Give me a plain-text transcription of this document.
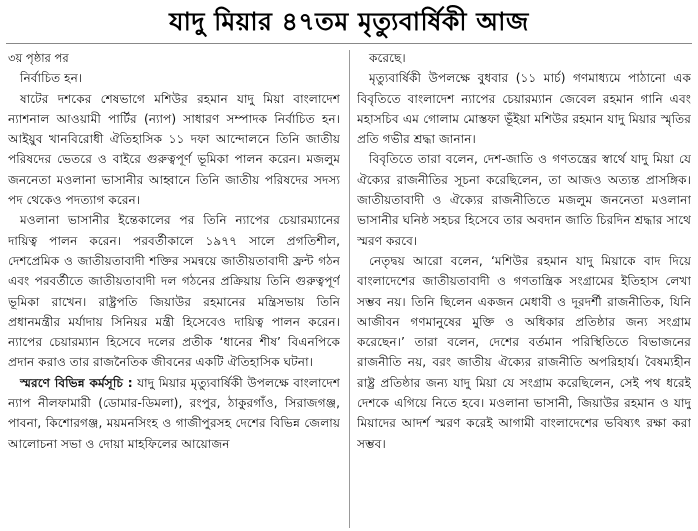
যাদু মিয়ার ৪৭তম মৃত্যুবার্ষিকী আজ

৩য় পৃষ্ঠার পর

নির্বাচিত হন।

ষাটের দশকের শেষভাগে মশিউর রহমান যাদু মিয়া বাংলাদেশ ন্যাশনাল আওয়ামী পার্টির (ন্যাপ) সাধারণ সম্পাদক নির্বাচিত হন। আইয়ুব খানবিরোধী ঐতিহাসিক ১১ দফা আন্দোলনে তিনি জাতীয় পরিষদের ভেতরে ও বাইরে গুরুত্বপূর্ণ ভূমিকা পালন করেন। মজলুম জননেতা মওলানা ভাসানীর আহ্বানে তিনি জাতীয় পরিষদের সদস্য পদ থেকেও পদত্যাগ করেন।

মওলানা ভাসানীর ইন্তেকালের পর তিনি ন্যাপের চেয়ারম্যানের দায়িত্ব পালন করেন। পরবর্তীকালে ১৯৭৭ সালে প্রগতিশীল, দেশপ্রেমিক ও জাতীয়তাবাদী শক্তির সমন্বয়ে জাতীয়তাবাদী ফ্রন্ট গঠন এবং পরবর্তীতে জাতীয়তাবাদী দল গঠনের প্রক্রিয়ায় তিনি গুরুত্বপূর্ণ ভূমিকা রাখেন। রাষ্ট্রপতি জিয়াউর রহমানের মন্ত্রিসভায় তিনি প্রধানমন্ত্রীর মর্যাদায় সিনিয়র মন্ত্রী হিসেবেও দায়িত্ব পালন করেন। ন্যাপের চেয়ারম্যান হিসেবে দলের প্রতীক ‘ধানের শীষ’ বিএনপিকে প্রদান করাও তার রাজনৈতিক জীবনের একটি ঐতিহাসিক ঘটনা।

স্মরণে বিভিন্ন কর্মসূচি : যাদু মিয়ার মৃত্যুবার্ষিকী উপলক্ষে বাংলাদেশ ন্যাপ নীলফামারী (ডোমার-ডিমলা), রংপুর, ঠাকুরগাঁও, সিরাজগঞ্জ, পাবনা, কিশোরগঞ্জ, ময়মনসিংহ ও গাজীপুরসহ দেশের বিভিন্ন জেলায় আলোচনা সভা ও দোয়া মাহফিলের আয়োজন

করেছে।

মৃত্যুবার্ষিকী উপলক্ষে বুধবার (১১ মার্চ) গণমাধ্যমে পাঠানো এক বিবৃতিতে বাংলাদেশ ন্যাপের চেয়ারম্যান জেবেল রহমান গানি এবং মহাসচিব এম গোলাম মোস্তফা ভূঁইয়া মশিউর রহমান যাদু মিয়ার স্মৃতির প্রতি গভীর শ্রদ্ধা জানান।

বিবৃতিতে তারা বলেন, দেশ-জাতি ও গণতন্ত্রের স্বার্থে যাদু মিয়া যে ঐক্যের রাজনীতির সূচনা করেছিলেন, তা আজও অত্যন্ত প্রাসঙ্গিক। জাতীয়তাবাদী ও ঐক্যের রাজনীতিতে মজলুম জননেতা মওলানা ভাসানীর ঘনিষ্ঠ সহচর হিসেবে তার অবদান জাতি চিরদিন শ্রদ্ধার সাথে স্মরণ করবে।

নেতৃদ্বয় আরো বলেন, ‘মশিউর রহমান যাদু মিয়াকে বাদ দিয়ে বাংলাদেশের জাতীয়তাবাদী ও গণতান্ত্রিক সংগ্রামের ইতিহাস লেখা সম্ভব নয়। তিনি ছিলেন একজন মেধাবী ও দূরদর্শী রাজনীতিক, যিনি আজীবন গণমানুষের মুক্তি ও অধিকার প্রতিষ্ঠার জন্য সংগ্রাম করেছেন।’ তারা বলেন, দেশের বর্তমান পরিস্থিতিতে বিভাজনের রাজনীতি নয়, বরং জাতীয় ঐক্যের রাজনীতি অপরিহার্য। বৈষম্যহীন রাষ্ট্র প্রতিষ্ঠার জন্য যাদু মিয়া যে সংগ্রাম করেছিলেন, সেই পথ ধরেই দেশকে এগিয়ে নিতে হবে। মওলানা ভাসানী, জিয়াউর রহমান ও যাদু মিয়াদের আদর্শ স্মরণ করেই আগামী বাংলাদেশের ভবিষ্যৎ রক্ষা করা সম্ভব।
